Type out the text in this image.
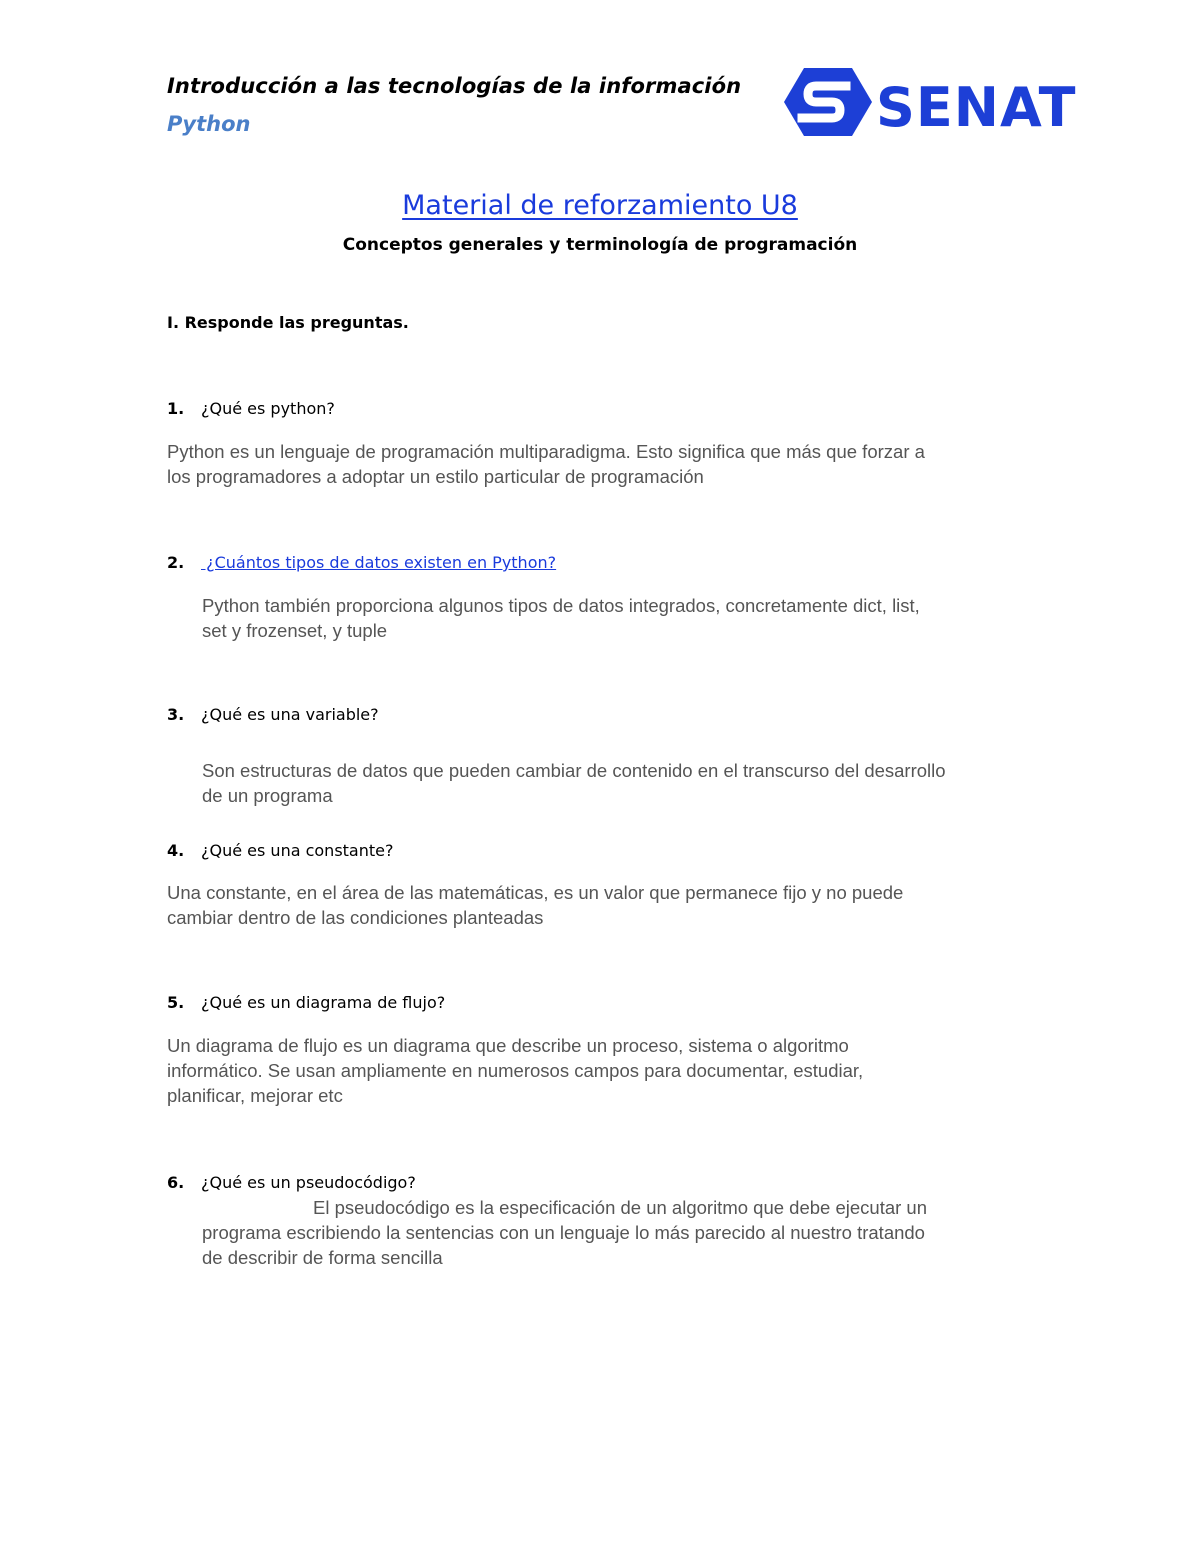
Introducción a las tecnologías de la información
Python	SENATI
Material de reforzamiento U8
Conceptos generales y terminología de programación
I. Responde las preguntas.
1. ¿Qué es python?
Python es un lenguaje de programación multiparadigma. Esto significa que más que forzar a
los programadores a adoptar un estilo particular de programación
2. ¿Cuántos tipos de datos existen en Python?
Python también proporciona algunos tipos de datos integrados, concretamente dict, list,
set y frozenset, y tuple
3. ¿Qué es una variable?
Son estructuras de datos que pueden cambiar de contenido en el transcurso del desarrollo
de un programa
4. ¿Qué es una constante?
Una constante, en el área de las matemáticas, es un valor que permanece fijo y no puede
cambiar dentro de las condiciones planteadas
5. ¿Qué es un diagrama de flujo?
Un diagrama de flujo es un diagrama que describe un proceso, sistema o algoritmo
informático. Se usan ampliamente en numerosos campos para documentar, estudiar,
planificar, mejorar etc
6. ¿Qué es un pseudocódigo?
El pseudocódigo es la especificación de un algoritmo que debe ejecutar un
programa escribiendo la sentencias con un lenguaje lo más parecido al nuestro tratando
de describir de forma sencilla
